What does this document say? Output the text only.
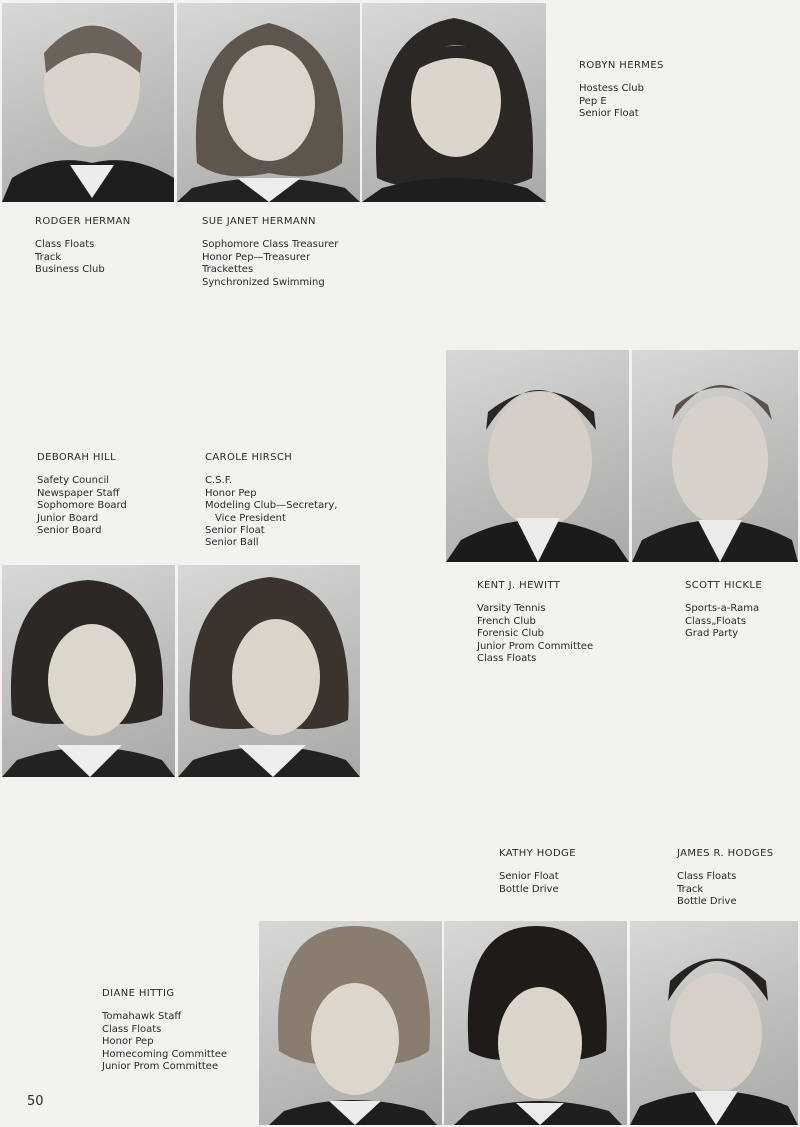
RODGER HERMAN
Class Floats
Track
Business Club
SUE JANET HERMANN
Sophomore Class Treasurer
Honor Pep—Treasurer
Trackettes
Synchronized Swimming
ROBYN HERMES
Hostess Club
Pep E
Senior Float
DEBORAH HILL
Safety Council
Newspaper Staff
Sophomore Board
Junior Board
Senior Board
CAROLE HIRSCH
C.S.F.
Honor Pep
Modeling Club—Secretary,
Vice President
Senior Float
Senior Ball
KENT J. HEWITT
Varsity Tennis
French Club
Forensic Club
Junior Prom Committee
Class Floats
SCOTT HICKLE
Sports-a-Rama
Class„Floats
Grad Party
KATHY HODGE
Senior Float
Bottle Drive
JAMES R. HODGES
Class Floats
Track
Bottle Drive
DIANE HITTIG
Tomahawk Staff
Class Floats
Honor Pep
Homecoming Committee
Junior Prom Committee
50
